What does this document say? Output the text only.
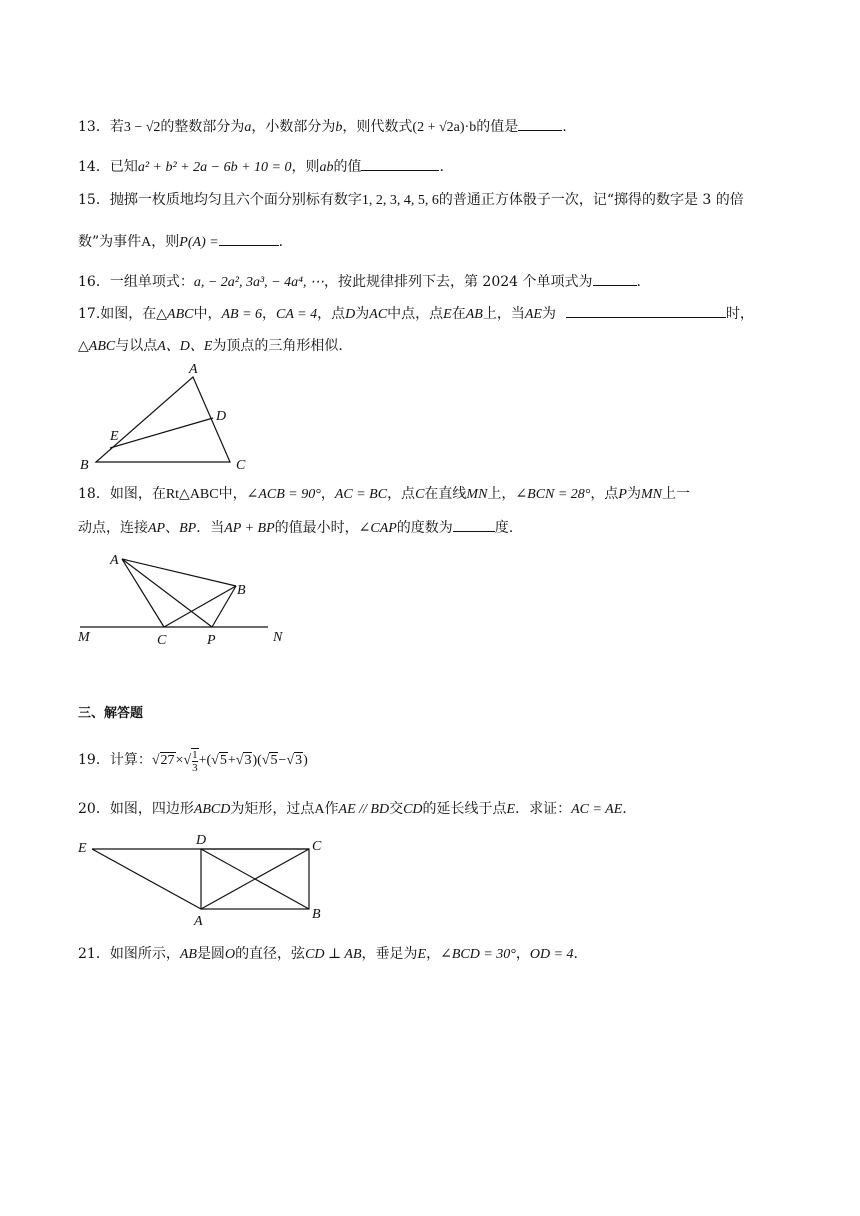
13．若3 − √2的整数部分为a，小数部分为b，则代数式(2 + √2a)·b的值是	.
14．已知a² + b² + 2a − 6b + 10 = 0，则ab的值	.
15．抛掷一枚质地均匀且六个面分别标有数字1, 2, 3, 4, 5, 6的普通正方体骰子一次，记“掷得的数字是 3 的倍
数”为事件A，则P(A) =	.
16．一组单项式：a, − 2a², 3a³, − 4a⁴, ⋯，按此规律排列下去，第 2024 个单项式为	.
17.如图，在△ABC中，AB = 6，CA = 4，点D为AC中点，点E在AB上，当AE为	时，
△ABC与以点A、D、E为顶点的三角形相似.
A
B	C
D
E
18．如图，在Rt△ABC中，∠ACB = 90°，AC = BC，点C在直线MN上，∠BCN = 28°，点P为MN上一
动点，连接AP、BP．当AP + BP的值最小时，∠CAP的度数为	度.
A
B
M	C	P	N
三、解答题
19．计算：$√27\times√ \frac{1}{3} +(√5+√3)(√5-√3)$
20．如图，四边形ABCD为矩形，过点A作AE // BD交CD的延长线于点E．求证：AC = AE.
E
D	C
A	B
21．如图所示，AB是圆O的直径，弦CD ⊥ AB，垂足为E，∠BCD = 30°，OD = 4.
